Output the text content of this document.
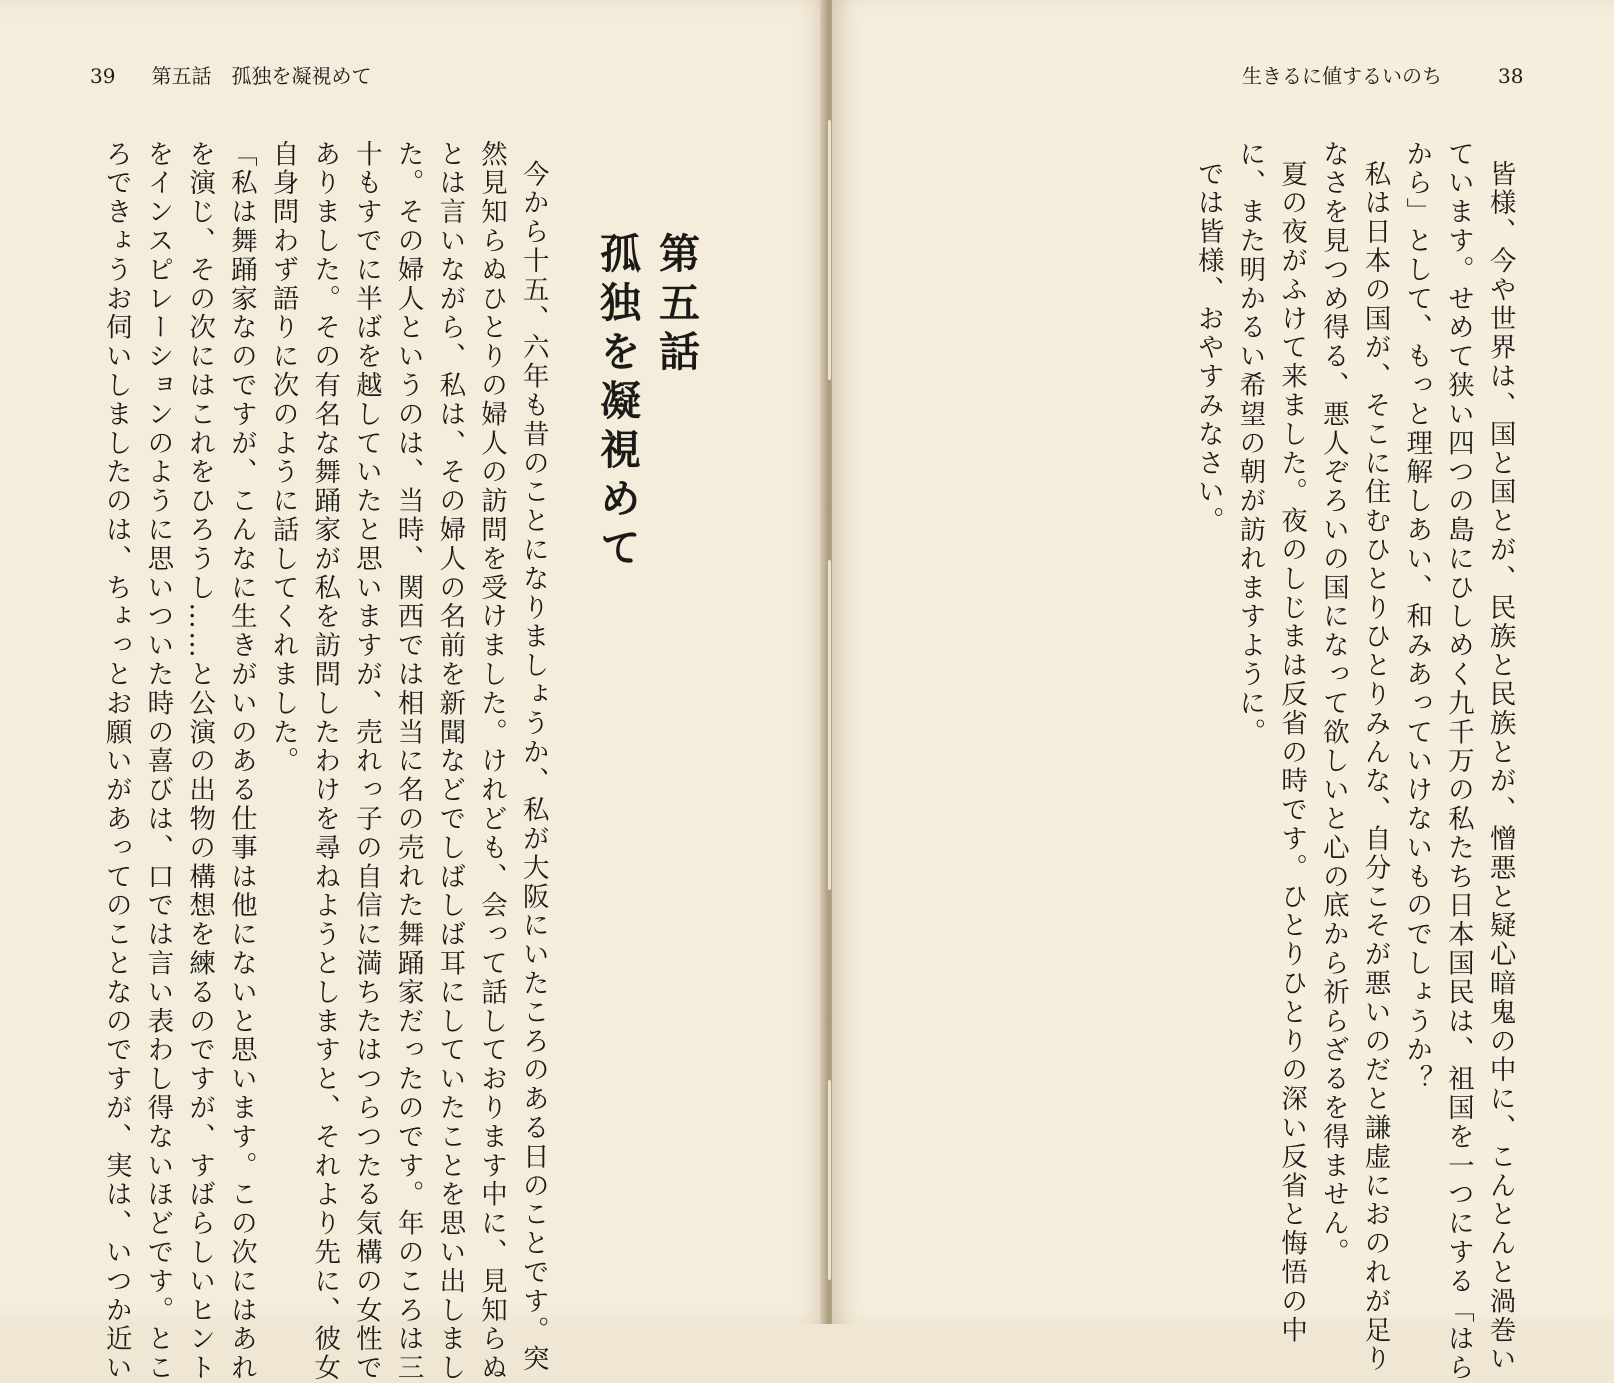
39 第五話　孤独を凝視めて

今から十五、六年も昔のことになりましょうか、私が大阪にいたころのある日のことです。突

然見知らぬひとりの婦人の訪問を受けました。けれども、会って話しております中に、見知らぬ

とは言いながら、私は、その婦人の名前を新聞などでしばしば耳にしていたことを思い出しまし

た。その婦人というのは、当時、関西では相当に名の売れた舞踊家だったのです。年のころは三

十もすでに半ばを越していたと思いますが、売れっ子の自信に満ちたはつらつたる気構の女性で

ありました。その有名な舞踊家が私を訪問したわけを尋ねようとしますと、それより先に、彼女

自身問わず語りに次のように話してくれました。

「私は舞踊家なのですが、こんなに生きがいのある仕事は他にないと思います。この次にはあれ

を演じ、その次にはこれをひろうし……と公演の出物の構想を練るのですが、すばらしいヒント

をインスピレーションのように思いついた時の喜びは、口では言い表わし得ないほどです。とこ

ろできょうお伺いしましたのは、ちょっとお願いがあってのことなのですが、実は、いつか近い	第五話
孤独を凝視めて
生きるに値するいのち	38

皆様、今や世界は、国と国とが、民族と民族とが、憎悪と疑心暗鬼の中に、こんとんと渦巻い

ています。せめて狭い四つの島にひしめく九千万の私たち日本国民は、祖国を一つにする「はら

から」として、もっと理解しあい、和みあっていけないものでしょうか？

私は日本の国が、そこに住むひとりひとりみんな、自分こそが悪いのだと謙虚におのれが足り

なさを見つめ得る、悪人ぞろいの国になって欲しいと心の底から祈らざるを得ません。

夏の夜がふけて来ました。夜のしじまは反省の時です。ひとりひとりの深い反省と悔悟の中

に、また明かるい希望の朝が訪れますように。

では皆様、おやすみなさい。
